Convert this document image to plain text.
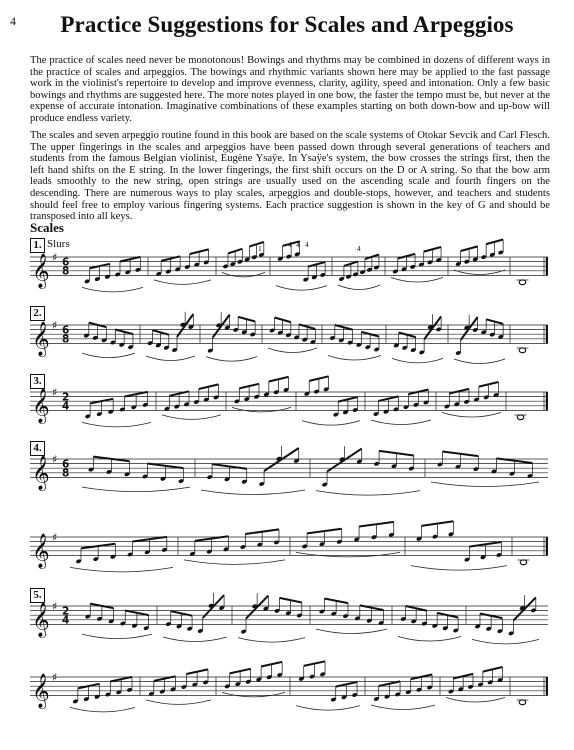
4	Practice Suggestions for Scales and Arpeggios

The practice of scales need never be monotonous! Bowings and rhythms may be combined in dozens of different ways in the practice of scales and arpeggios. The bowings and rhythmic variants shown here may be applied to the fast passage work in the violinist's repertoire to develop and improve evenness, clarity, agility, speed and intonation. Only a few basic bowings and rhythms are suggested here. The more notes played in one bow, the faster the tempo must be, but never at the expense of accurate intonation. Imaginative combinations of these examples starting on both down-bow and up-bow will produce endless variety.

The scales and seven arpeggio routine found in this book are based on the scale systems of Otokar Sevcik and Carl Flesch. The upper fingerings in the scales and arpeggios have been passed down through several generations of teachers and students from the famous Belgian violinist, Eugène Ysaÿe. In Ysaÿe's system, the bow crosses the strings first, then the left hand shifts on the E string. In the lower fingerings, the first shift occurs on the D or A string. So that the bow arm leads smoothly to the new string, open strings are usually used on the ascending scale and fourth fingers on the descending. There are numerous ways to play scales, arpeggios and double-stops, however, and teachers and students should feel free to employ various fingering systems. Each practice suggestion is shown in the key of G and should be transposed into all keys.

Scales
1. Slurs
2.
3.
4.
5.
𝄞 ♯ 6
8
𝄞 ♯ 6
8
𝄞 ♯ 2
4
𝄞 ♯ 6
8
𝄞 ♯
𝄞 ♯ 2
4
𝄞 ♯
1	4 4 4	4
